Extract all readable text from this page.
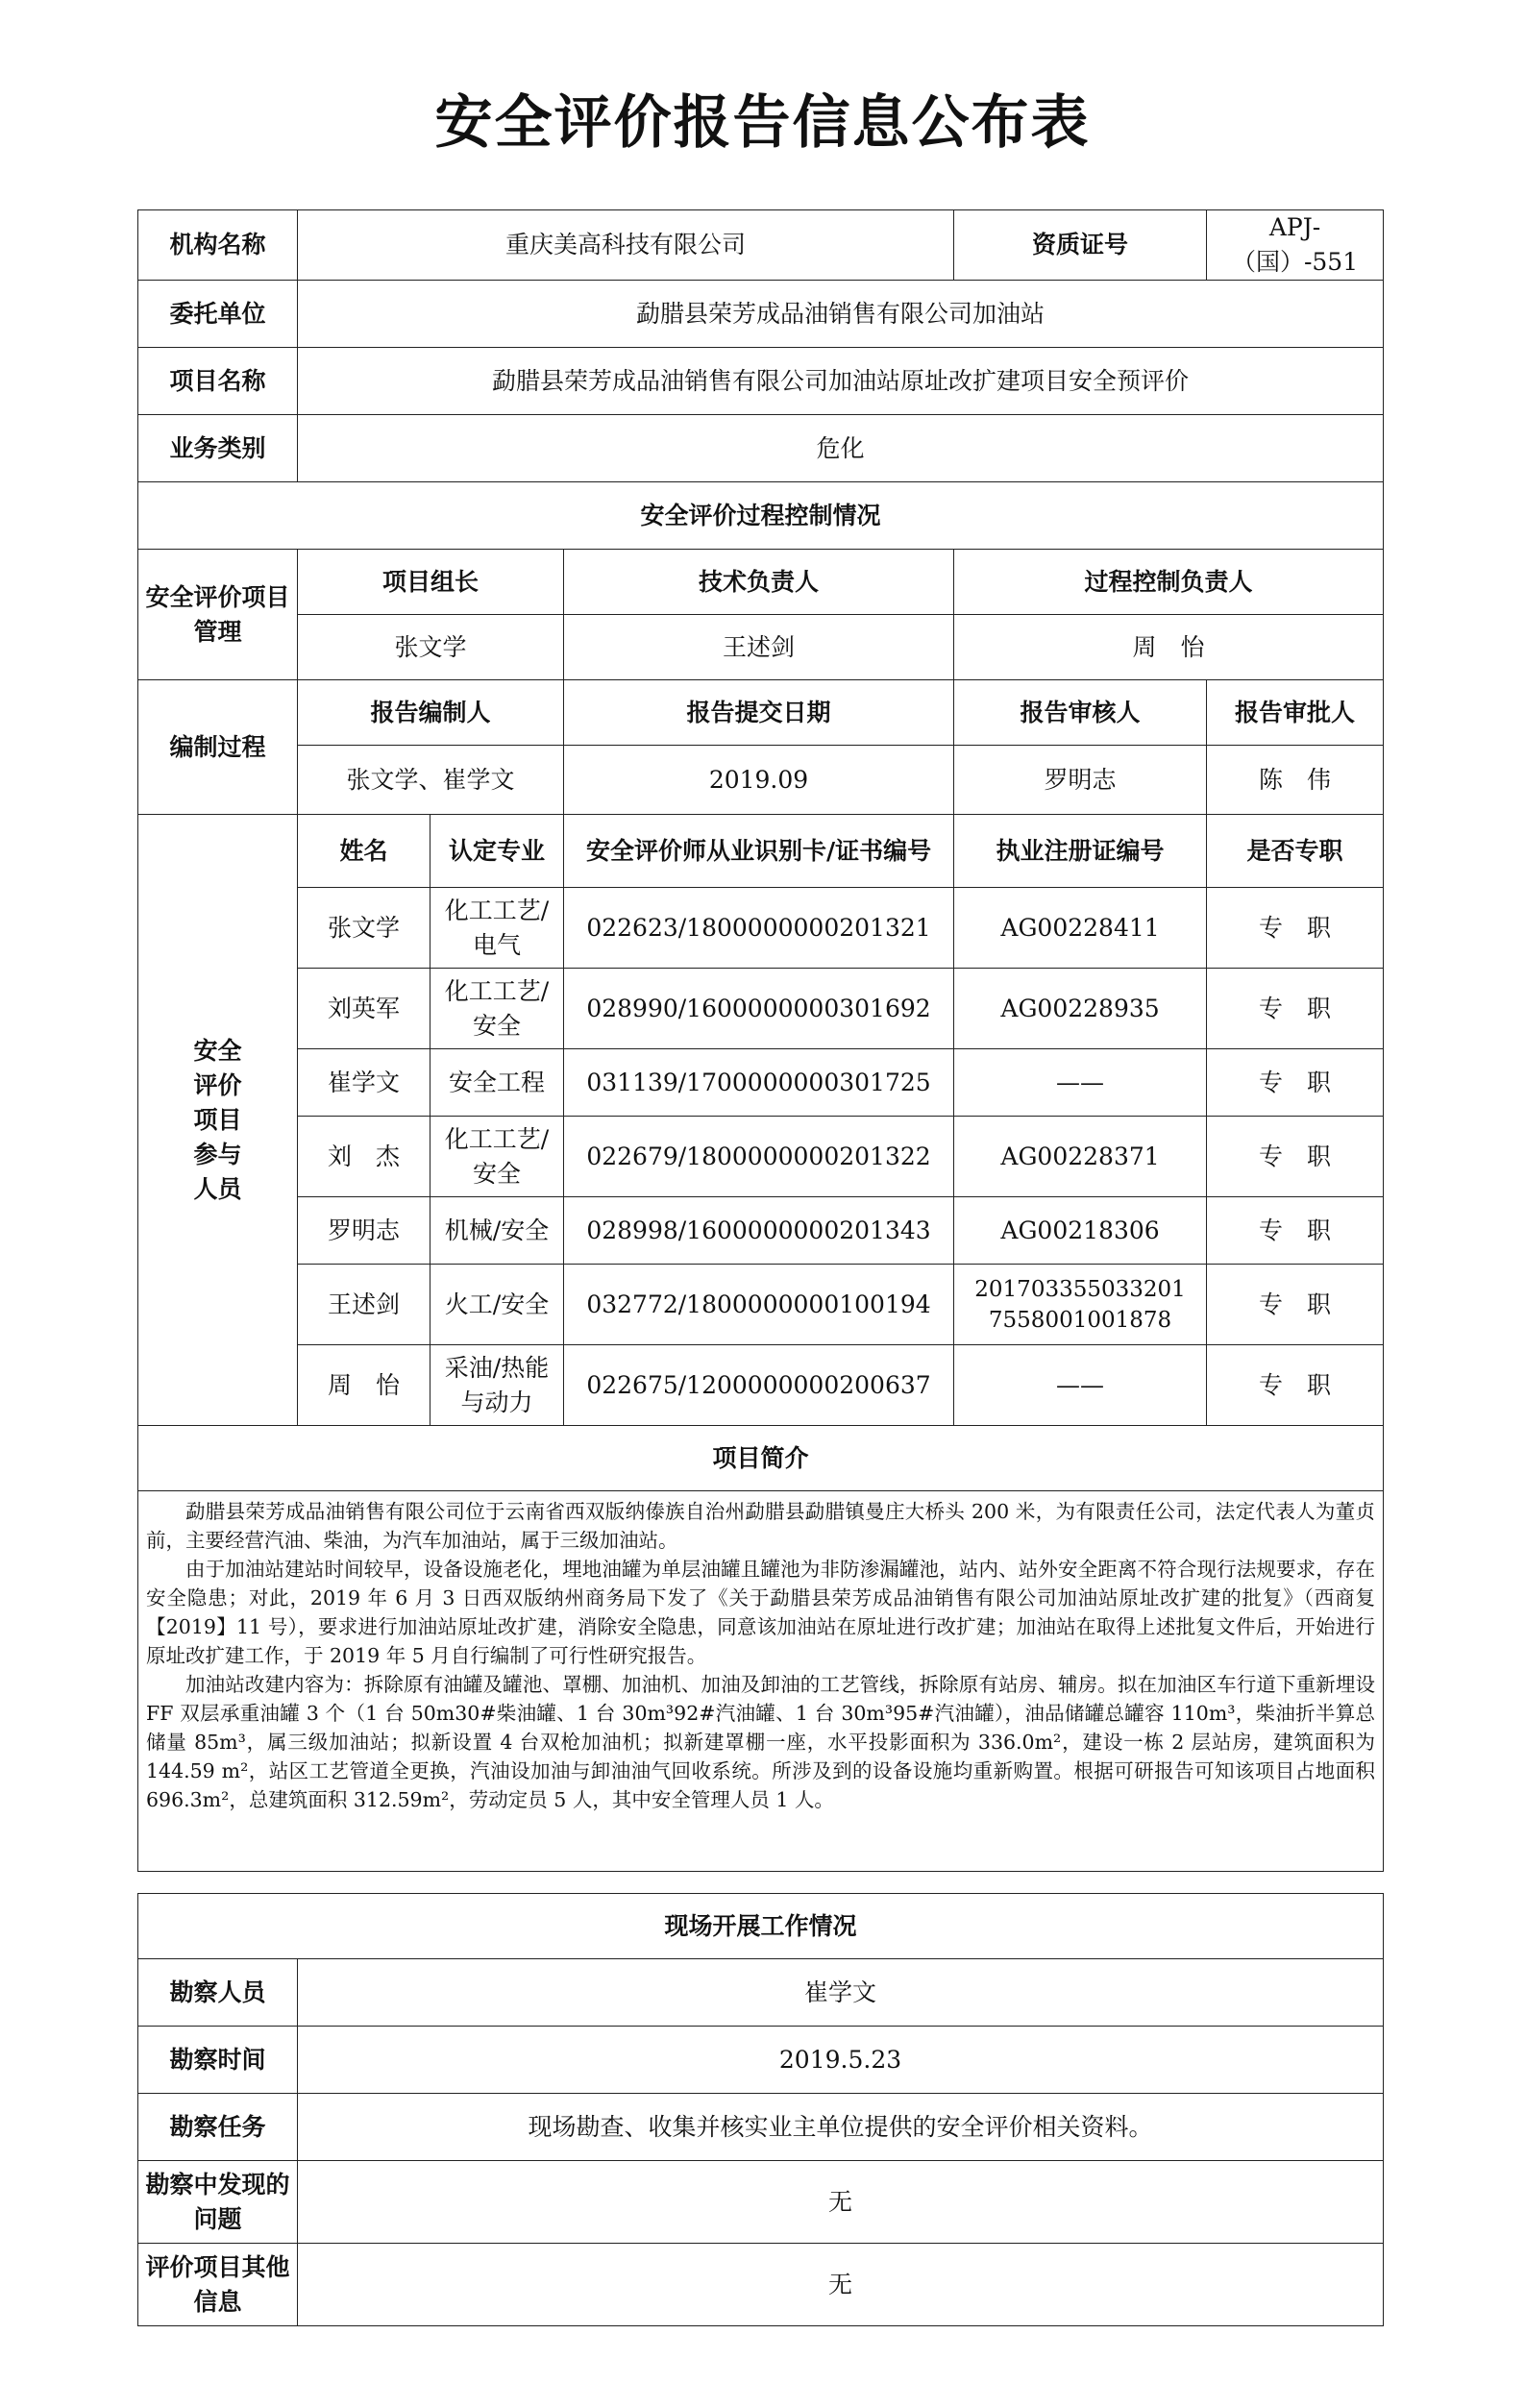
安全评价报告信息公布表
机构名称	重庆美高科技有限公司			资质证号	APJ-（国）-551
委托单位	勐腊县荣芳成品油销售有限公司加油站				
项目名称	勐腊县荣芳成品油销售有限公司加油站原址改扩建项目安全预评价				
业务类别	危化				
安全评价过程控制情况					
安全评价项目管理	项目组长		技术负责人	过程控制负责人	
	张文学		王述剑	周　怡	
编制过程	报告编制人		报告提交日期	报告审核人	报告审批人
	张文学、崔学文		2019.09	罗明志	陈　伟
安全评价项目参与人员	姓名	认定专业	安全评价师从业识别卡/证书编号	执业注册证编号	是否专职
	张文学	化工工艺/电气	022623/1800000000201321	AG00228411	专　职
	刘英军	化工工艺/安全	028990/1600000000301692	AG00228935	专　职
	崔学文	安全工程	031139/1700000000301725	——	专　职
	刘　杰	化工工艺/安全	022679/1800000000201322	AG00228371	专　职
	罗明志	机械/安全	028998/1600000000201343	AG00218306	专　职
	王述剑	火工/安全	032772/1800000000100194	201703355033201 7558001001878	专　职
	周　怡	采油/热能与动力	022675/1200000000200637	——	专　职
项目简介					

勐腊县荣芳成品油销售有限公司位于云南省西双版纳傣族自治州勐腊县勐腊镇曼庄大桥头 200 米，为有限责任公司，法定代表人为董贞前，主要经营汽油、柴油，为汽车加油站，属于三级加油站。

由于加油站建站时间较早，设备设施老化，埋地油罐为单层油罐且罐池为非防渗漏罐池，站内、站外安全距离不符合现行法规要求，存在安全隐患；对此，2019 年 6 月 3 日西双版纳州商务局下发了《关于勐腊县荣芳成品油销售有限公司加油站原址改扩建的批复》（西商复【2019】11 号），要求进行加油站原址改扩建，消除安全隐患，同意该加油站在原址进行改扩建；加油站在取得上述批复文件后，开始进行原址改扩建工作，于 2019 年 5 月自行编制了可行性研究报告。

加油站改建内容为：拆除原有油罐及罐池、罩棚、加油机、加油及卸油的工艺管线，拆除原有站房、辅房。拟在加油区车行道下重新埋设 FF 双层承重油罐 3 个（1 台 50m30#柴油罐、1 台 30m³92#汽油罐、1 台 30m³95#汽油罐），油品储罐总罐容 110m³，柴油折半算总储量 85m³，属三级加油站；拟新设置 4 台双枪加油机；拟新建罩棚一座，水平投影面积为 336.0m²，建设一栋 2 层站房，建筑面积为 144.59 m²，站区工艺管道全更换，汽油设加油与卸油油气回收系统。所涉及到的设备设施均重新购置。根据可研报告可知该项目占地面积 696.3m²，总建筑面积 312.59m²，劳动定员 5 人，其中安全管理人员 1 人。					

现场开展工作情况	
勘察人员	崔学文
勘察时间	2019.5.23
勘察任务	现场勘查、收集并核实业主单位提供的安全评价相关资料。
勘察中发现的问题	无
评价项目其他信息	无
